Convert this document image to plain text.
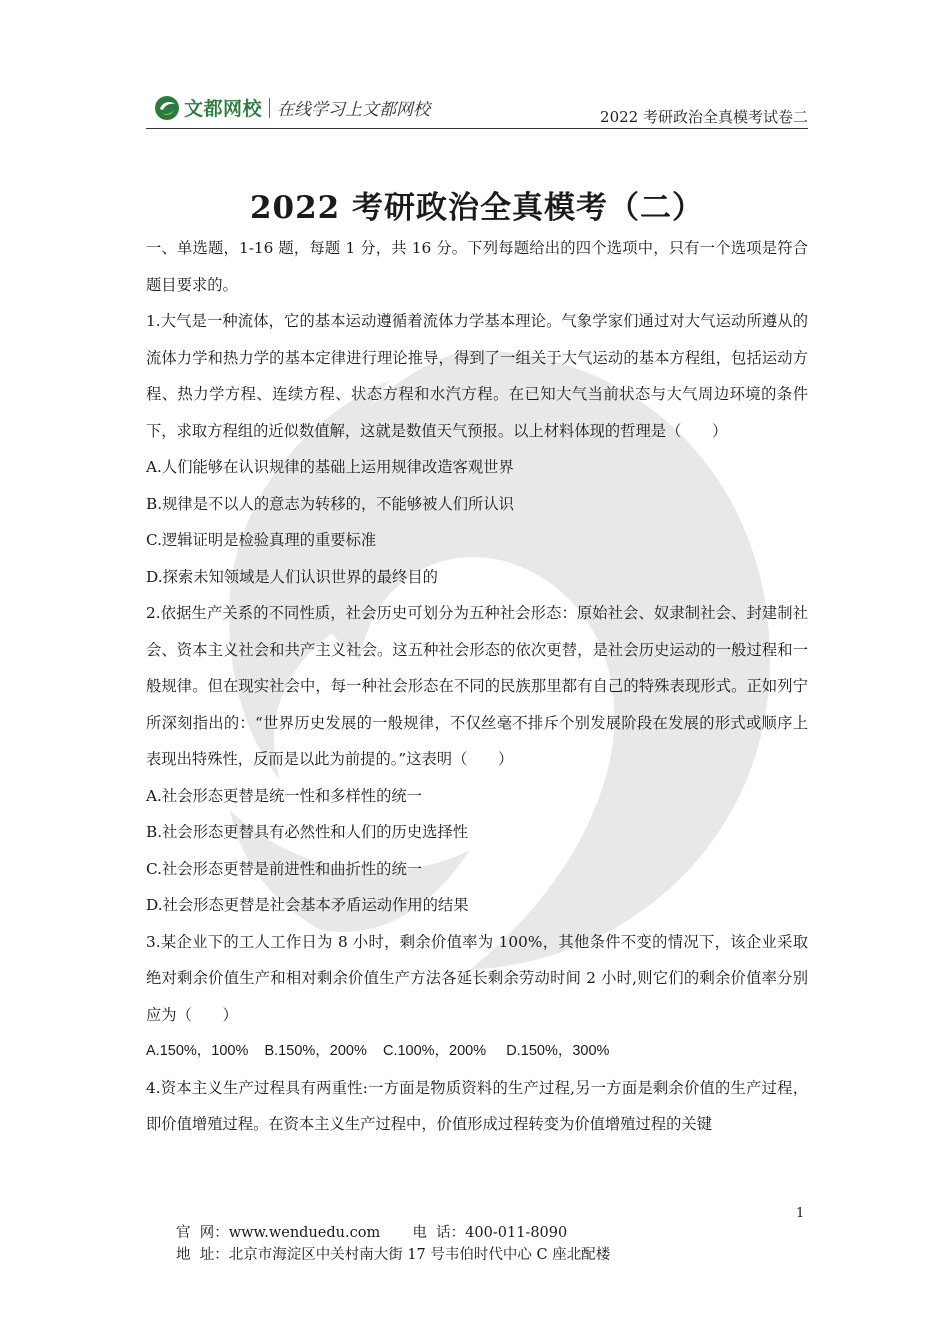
文都网校 在线学习上文都网校	2022 考研政治全真模考试卷二
2022 考研政治全真模考（二）

一、单选题，1-16 题，每题 1 分，共 16 分。下列每题给出的四个选项中，只有一个选项是符合题目要求的。

1.大气是一种流体，它的基本运动遵循着流体力学基本理论。气象学家们通过对大气运动所遵从的流体力学和热力学的基本定律进行理论推导，得到了一组关于大气运动的基本方程组，包括运动方程、热力学方程、连续方程、状态方程和水汽方程。在已知大气当前状态与大气周边环境的条件下，求取方程组的近似数值解，这就是数值天气预报。以上材料体现的哲理是（　　）

A.人们能够在认识规律的基础上运用规律改造客观世界

B.规律是不以人的意志为转移的，不能够被人们所认识

C.逻辑证明是检验真理的重要标准

D.探索未知领域是人们认识世界的最终目的

2.依据生产关系的不同性质，社会历史可划分为五种社会形态：原始社会、奴隶制社会、封建制社会、资本主义社会和共产主义社会。这五种社会形态的依次更替，是社会历史运动的一般过程和一般规律。但在现实社会中，每一种社会形态在不同的民族那里都有自己的特殊表现形式。正如列宁所深刻指出的：“世界历史发展的一般规律，不仅丝毫不排斥个别发展阶段在发展的形式或顺序上表现出特殊性，反而是以此为前提的。”这表明（　　）

A.社会形态更替是统一性和多样性的统一

B.社会形态更替具有必然性和人们的历史选择性

C.社会形态更替是前进性和曲折性的统一

D.社会形态更替是社会基本矛盾运动作用的结果

3.某企业下的工人工作日为 8 小时，剩余价值率为 100%，其他条件不变的情况下，该企业采取绝对剩余价值生产和相对剩余价值生产方法各延长剩余劳动时间 2 小时,则它们的剩余价值率分别应为（　　）

A.150%，100%    B.150%，200%    C.100%，200%     D.150%，300%

4.资本主义生产过程具有两重性:一方面是物质资料的生产过程,另一方面是剩余价值的生产过程，即价值增殖过程。在资本主义生产过程中，价值形成过程转变为价值增殖过程的关键

1
官  网：www.wenduedu.com       电  话：400-011-8090
地  址：北京市海淀区中关村南大街 17 号韦伯时代中心 C 座北配楼
